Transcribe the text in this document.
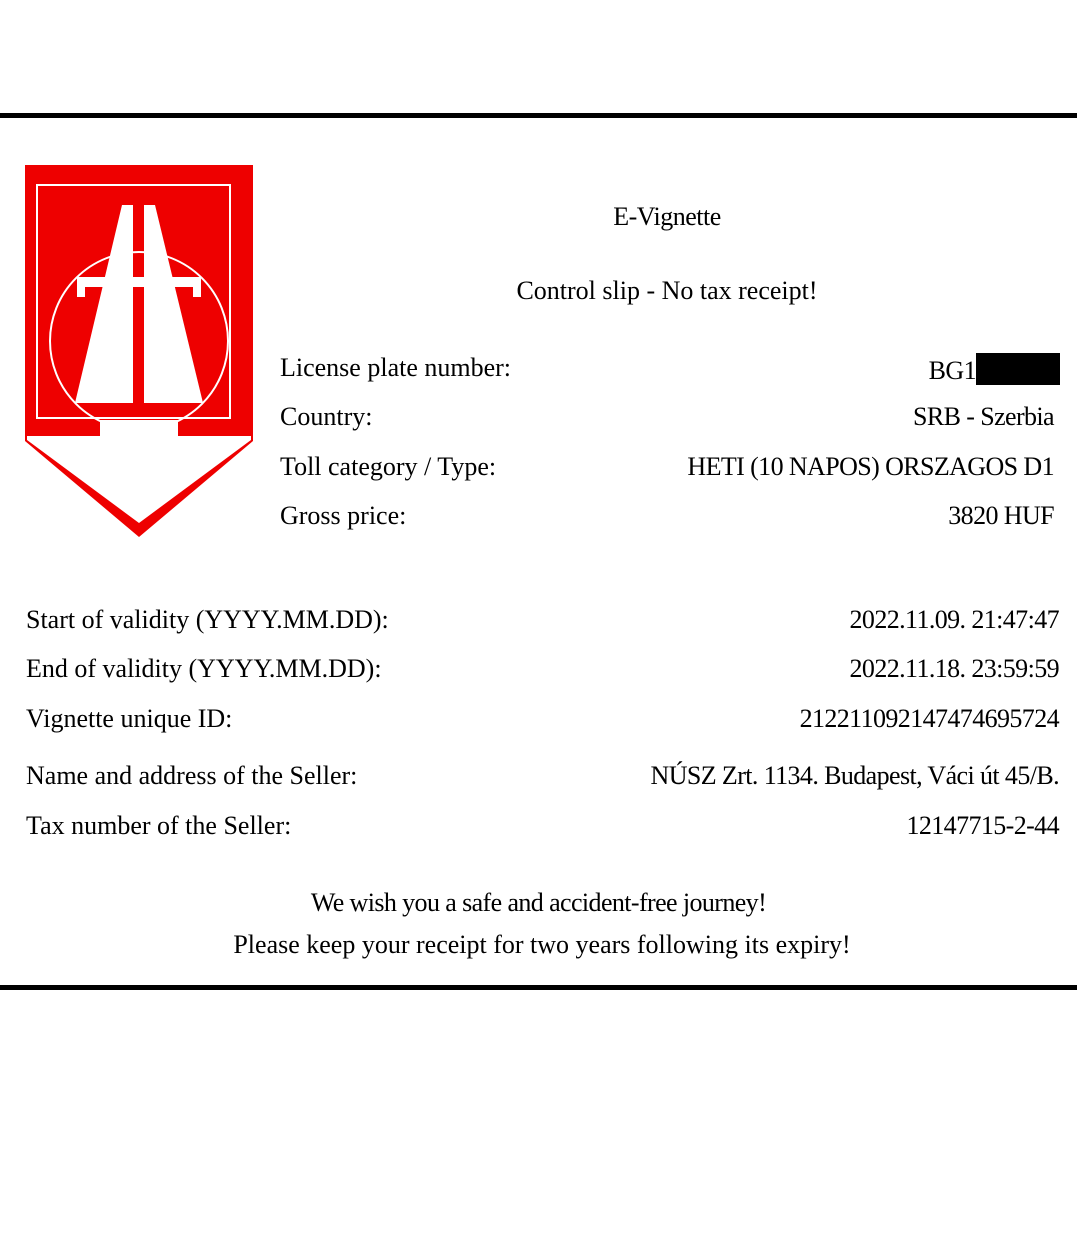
E-Vignette
Control slip - No tax receipt!
License plate number:	BG1
Country:	SRB - Szerbia
Toll category / Type:	HETI (10 NAPOS) ORSZAGOS D1
Gross price:	3820 HUF
Start of validity (YYYY.MM.DD):	2022.11.09. 21:47:47
End of validity (YYYY.MM.DD):	2022.11.18. 23:59:59
Vignette unique ID:	212211092147474695724
Name and address of the Seller:	NÚSZ Zrt. 1134. Budapest, Váci út 45/B.
Tax number of the Seller:	12147715-2-44
We wish you a safe and accident-free journey!
Please keep your receipt for two years following its expiry!
